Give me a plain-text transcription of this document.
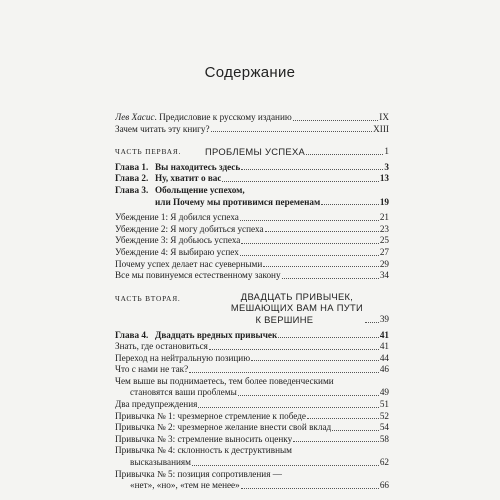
Содержание
Лев Хасис. Предисловие к русскому изданию	IX
Зачем читать эту книгу?	XIII
ЧАСТЬ ПЕРВАЯ.	ПРОБЛЕМЫ УСПЕХА	1
Глава 1. Вы находитесь здесь	3
Глава 2. Ну, хватит о вас	13
Глава 3. Обольщение успехом,
или Почему мы противимся переменам	19
Убеждение 1: Я добился успеха	21
Убеждение 2: Я могу добиться успеха	23
Убеждение 3: Я добьюсь успеха	25
Убеждение 4: Я выбираю успех	27
Почему успех делает нас суеверными	29
Все мы повинуемся естественному закону	34
ЧАСТЬ ВТОРАЯ.	ДВАДЦАТЬ ПРИВЫЧЕК,
МЕШАЮЩИХ ВАМ НА ПУТИ
К ВЕРШИНЕ	39
Глава 4. Двадцать вредных привычек	41
Знать, где остановиться	41
Переход на нейтральную позицию	44
Что с нами не так?	46
Чем выше вы поднимаетесь, тем более поведенческими
становятся ваши проблемы	49
Два предупреждения	51
Привычка № 1: чрезмерное стремление к победе	52
Привычка № 2: чрезмерное желание внести свой вклад	54
Привычка № 3: стремление выносить оценку	58
Привычка № 4: склонность к деструктивным
высказываниям	62
Привычка № 5: позиция сопротивления —
«нет», «но», «тем не менее»	66
